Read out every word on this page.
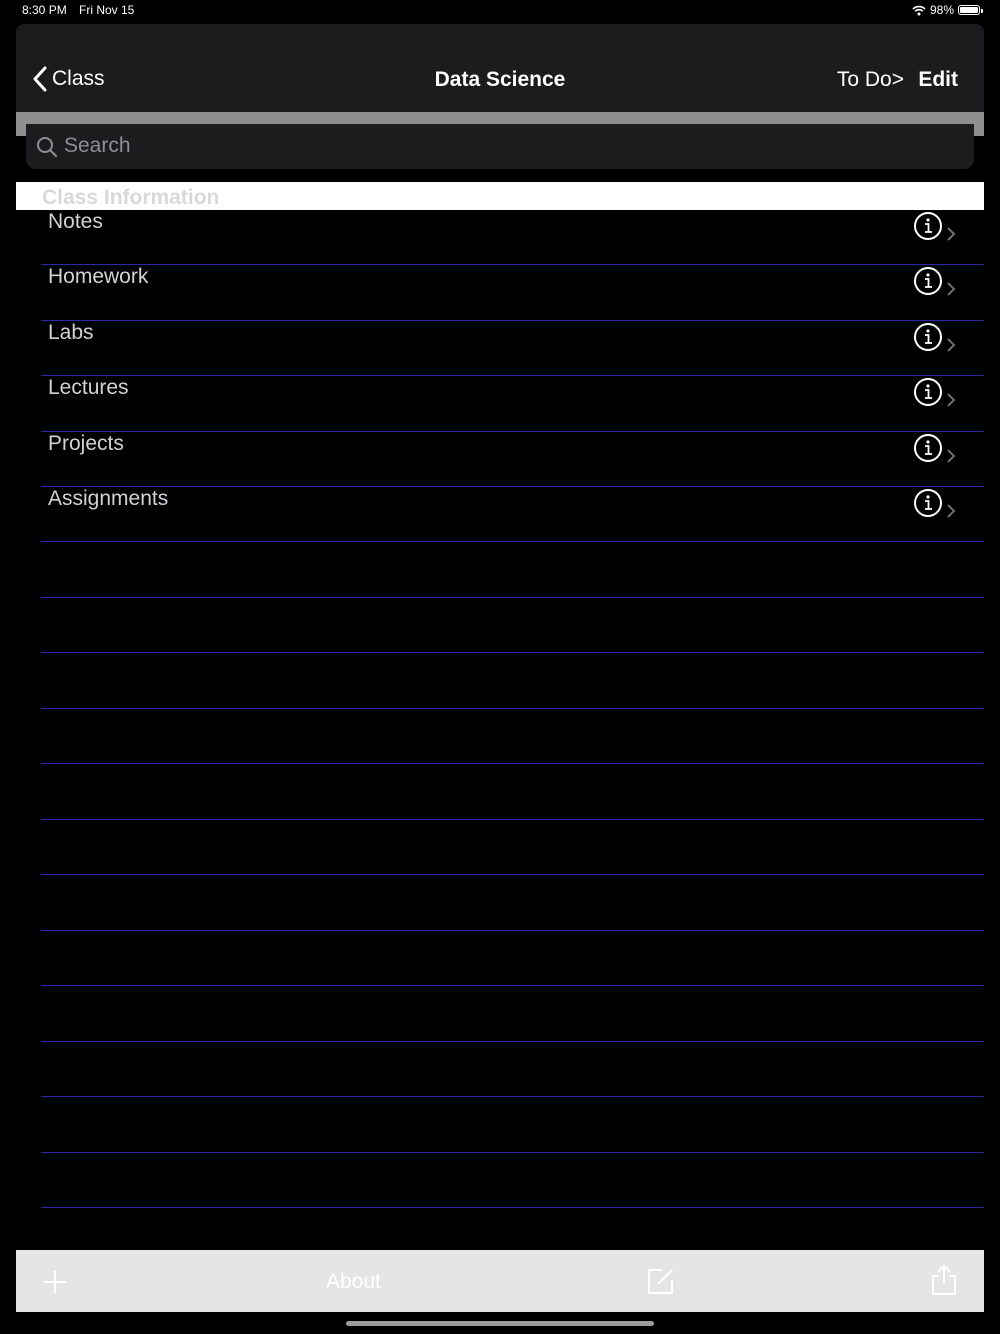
8:30 PM Fri Nov 15	98%
Class	Data Science	To Do> Edit
Search
Class Information
Notes
Homework
Labs
Lectures
Projects
Assignments
About
